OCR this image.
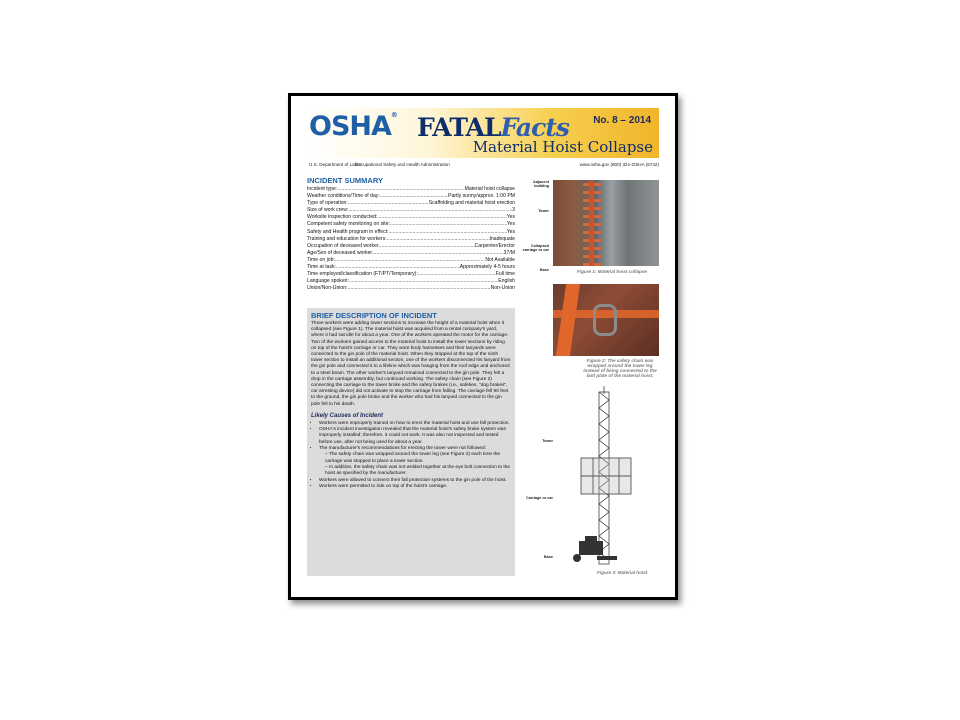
OSHA® FATALFacts No. 8 – 2014
Material Hoist Collapse
U.S. Department of Labor
Occupational Safety and Health Administration	www.osha.gov (800) 321-OSHA (6742)
INCIDENT SUMMARY
Incident type: .....	Material hoist collapse
Weather conditions/Time of day: .....	Partly sunny/approx. 1:00 PM
Type of operation: .....	Scaffolding and material hoist erection
Size of work crew: .....	3
Worksite inspection conducted: .....	Yes
Competent safety monitoring on site: .....	Yes
Safety and Health program in effect: .....	Yes
Training and education for workers: .....	Inadequate
Occupation of deceased worker .....	Carpenter/Erector
Age/Sex of deceased worker .....	37/M
Time on job: .....	Not Available
Time at task: .....	Approximately 4-5 hours
Time employed/classification (FT/PT/Temporary): .....	Full time
Language spoken: .....	English
Union/Non-Union: .....	Non-Union
BRIEF DESCRIPTION OF INCIDENT

Three workers were adding tower sections to increase the height of a material hoist when it collapsed (see Figure 1). The material hoist was acquired from a rental company's yard, where it had sat idle for about a year. One of the workers operated the motor for the carriage. Two of the workers gained access to the material hoist to install the tower sections by riding on top of the hoist's carriage or car. They wore body harnesses and their lanyards were connected to the gin pole of the material hoist. When they stopped at the top of the ninth tower section to install an additional section, one of the workers disconnected his lanyard from the gin pole and connected it to a lifeline which was hanging from the roof edge and anchored to a steel beam. The other worker's lanyard remained connected to the gin pole. They felt a drop in the carriage assembly, but continued working. The safety chain (see Figure 2) connecting the carriage to the tower broke and the safety brakes (i.e., safeties, "dog brakes", car arresting device) did not activate to stop the carriage from falling. The carriage fell 90 feet to the ground, the gin pole broke and the worker who had his lanyard connected to the gin pole fell to his death.

Likely Causes of Incident
• Workers were improperly trained on how to erect the material hoist and use fall protection.
• OSHA's incident investigation revealed that the material hoist's safety brake system was improperly installed; therefore, it could not work. It was also not inspected and tested before use, after not being used for about a year.
• The manufacturer's recommendations for erecting the tower were not followed:
– The safety chain was wrapped around the tower leg (see Figure 2) each time the carriage was stopped to place a tower section.
– In addition, the safety chain was not welded together at the eye bolt connection to the hoist as specified by the manufacturer.
• Workers were allowed to connect their fall protection systems to the gin pole of the hoist.
• Workers were permitted to ride on top of the hoist's carriage.
Adjacent building
Tower
Collapsed carriage or car
Base	Figure 1: Material hoist collapse
Figure 2: The safety chain was wrapped around the tower leg instead of being connected to the bolt plate of the material hoist.
Tower
Carriage or car
Base
Figure 3: Material hoist
